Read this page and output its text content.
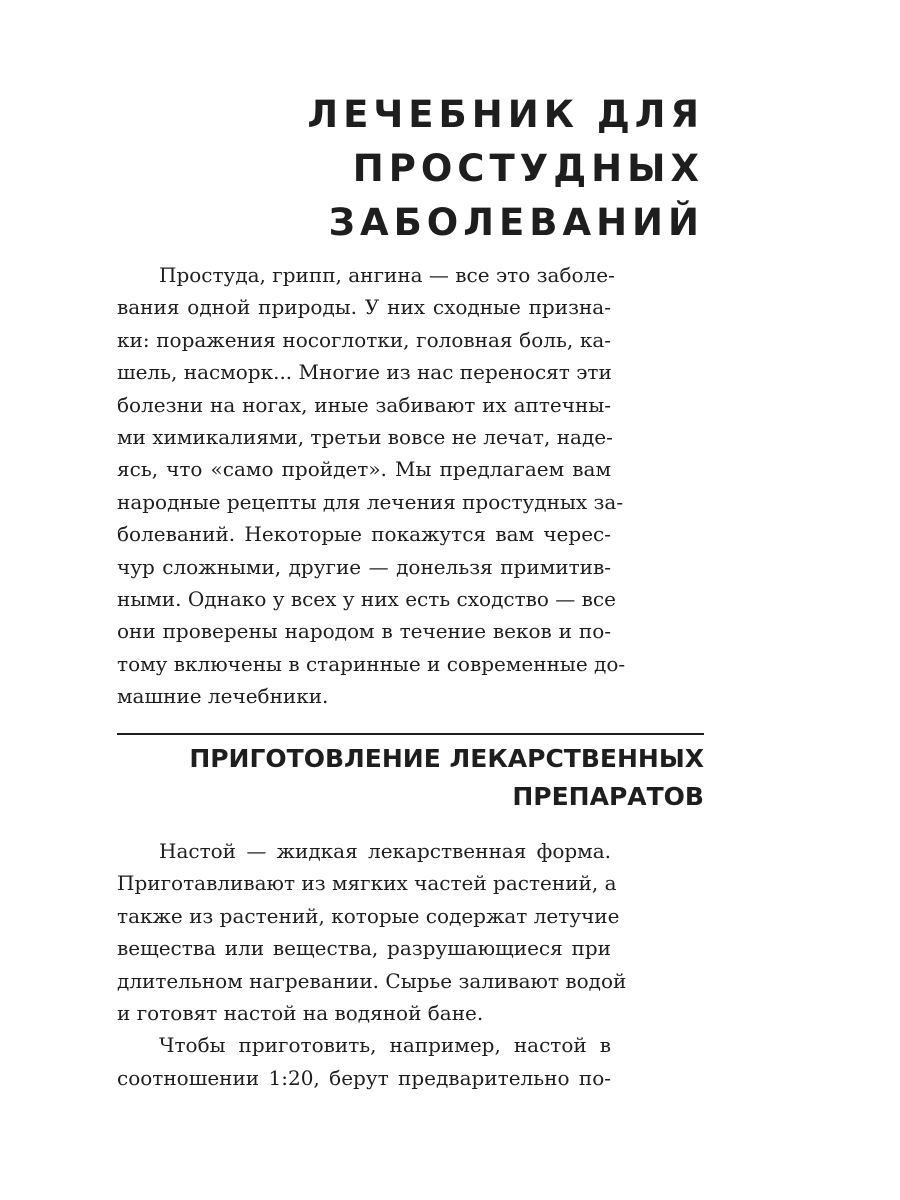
ЛЕЧЕБНИК ДЛЯ
ПРОСТУДНЫХ
ЗАБОЛЕВАНИЙ

Простуда, грипп, ангина — все это заболе-
вания одной природы. У них сходные призна-
ки: поражения носоглотки, головная боль, ка-
шель, насморк... Многие из нас переносят эти
болезни на ногах, иные забивают их аптечны-
ми химикалиями, третьи вовсе не лечат, наде-
ясь, что «само пройдет». Мы предлагаем вам
народные рецепты для лечения простудных за-
болеваний. Некоторые покажутся вам черес-
чур сложными, другие — донельзя примитив-
ными. Однако у всех у них есть сходство — все
они проверены народом в течение веков и по-
тому включены в старинные и современные до-
машние лечебники.

ПРИГОТОВЛЕНИЕ ЛЕКАРСТВЕННЫХ
ПРЕПАРАТОВ

Настой — жидкая лекарственная форма.
Приготавливают из мягких частей растений, а
также из растений, которые содержат летучие
вещества или вещества, разрушающиеся при
длительном нагревании. Сырье заливают водой
и готовят настой на водяной бане.

Чтобы приготовить, например, настой в
соотношении 1:20, берут предварительно по-
